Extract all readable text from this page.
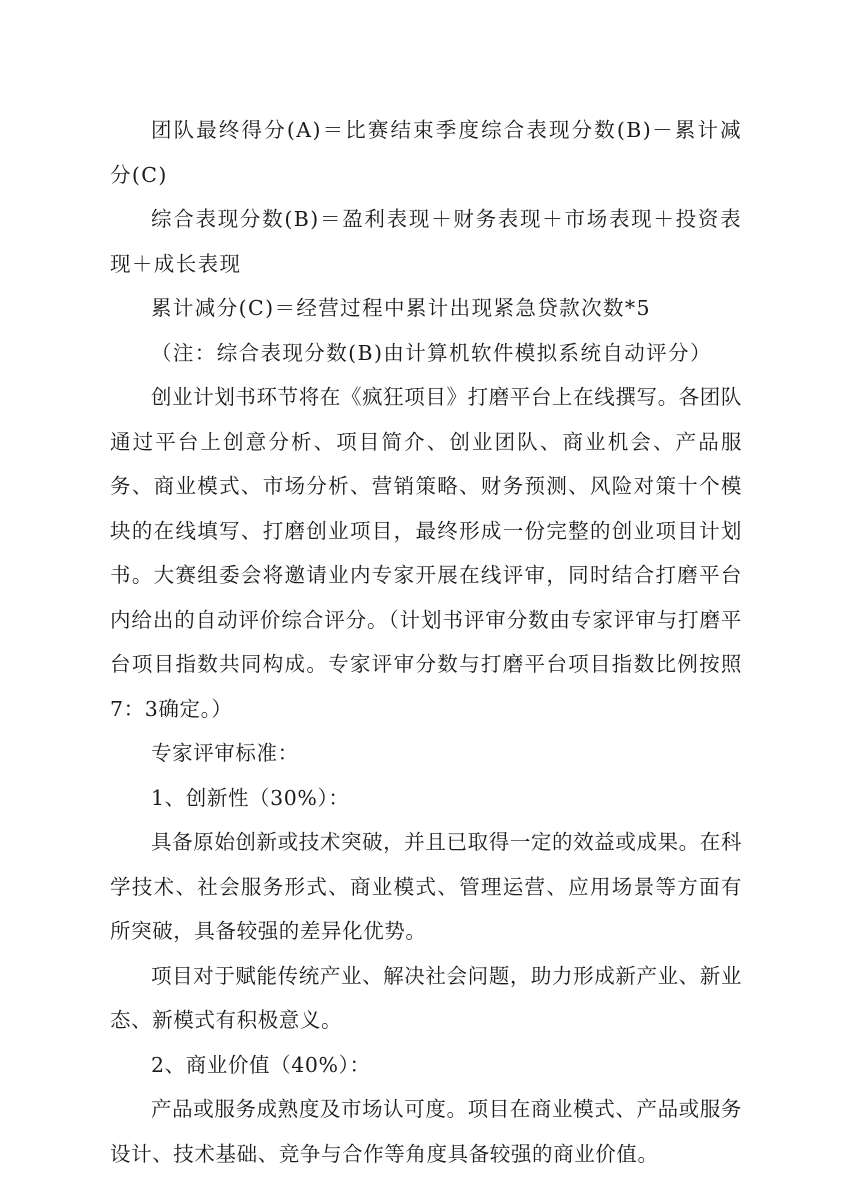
团队最终得分(A)＝比赛结束季度综合表现分数(B)－累计减分(C)

综合表现分数(B)＝盈利表现＋财务表现＋市场表现＋投资表现＋成长表现

累计减分(C)＝经营过程中累计出现紧急贷款次数*5

（注：综合表现分数(B)由计算机软件模拟系统自动评分）

创业计划书环节将在《疯狂项目》打磨平台上在线撰写。各团队通过平台上创意分析、项目简介、创业团队、商业机会、产品服务、商业模式、市场分析、营销策略、财务预测、风险对策十个模块的在线填写、打磨创业项目，最终形成一份完整的创业项目计划书。大赛组委会将邀请业内专家开展在线评审，同时结合打磨平台内给出的自动评价综合评分。（计划书评审分数由专家评审与打磨平台项目指数共同构成。专家评审分数与打磨平台项目指数比例按照7：3确定。）

专家评审标准：

1、创新性（30%）：

具备原始创新或技术突破，并且已取得一定的效益或成果。在科学技术、社会服务形式、商业模式、管理运营、应用场景等方面有所突破，具备较强的差异化优势。

项目对于赋能传统产业、解决社会问题，助力形成新产业、新业态、新模式有积极意义。

2、商业价值（40%）：

产品或服务成熟度及市场认可度。项目在商业模式、产品或服务设计、技术基础、竞争与合作等角度具备较强的商业价值。
